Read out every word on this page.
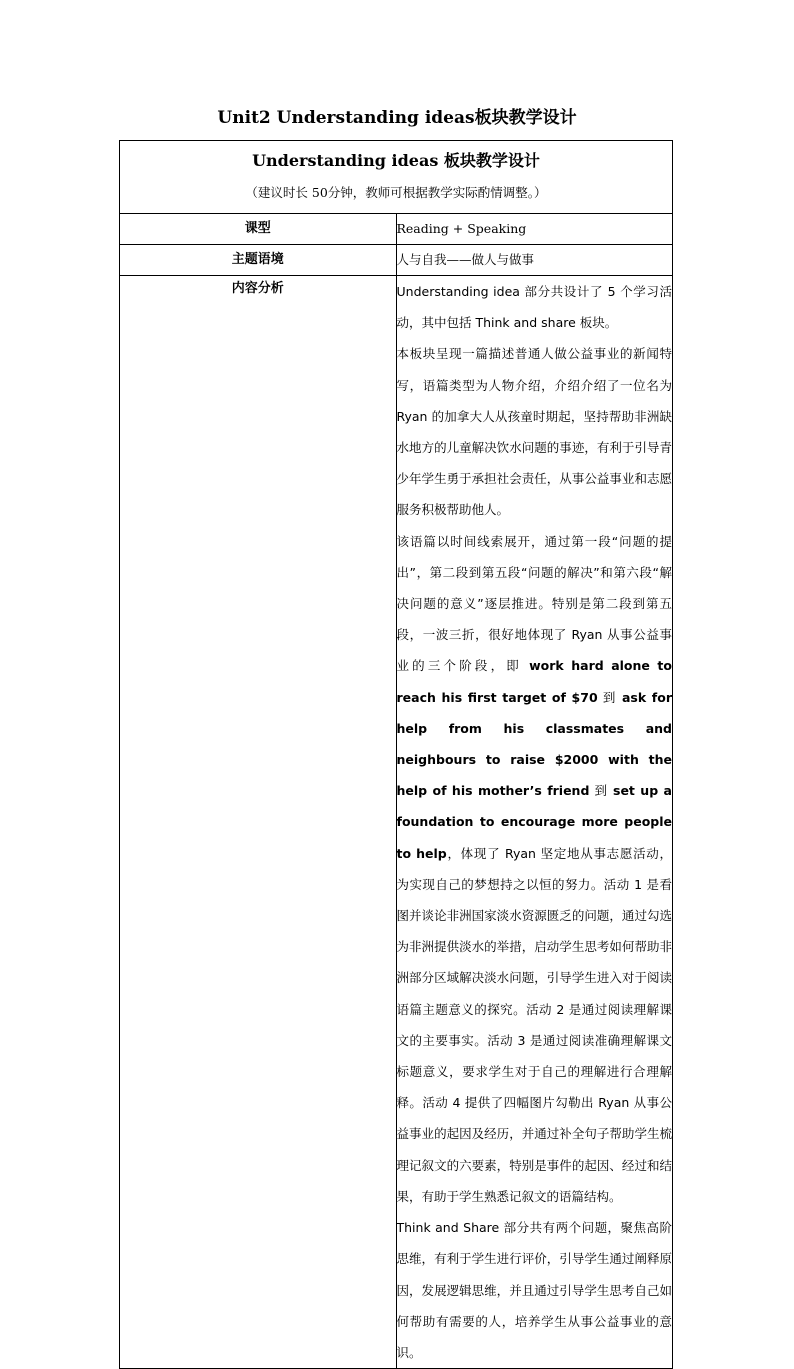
Unit2 Understanding ideas板块教学设计
Understanding ideas 板块教学设计
（建议时长 50分钟，教师可根据教学实际酌情调整。）	

课型	Reading + Speaking
主题语境	人与自我——做人与做事
内容分析	Understanding idea 部分共设计了 5 个学习活动，其中包括 Think and share 板块。

本板块呈现一篇描述普通人做公益事业的新闻特写，语篇类型为人物介绍，介绍介绍了一位名为 Ryan 的加拿大人从孩童时期起，坚持帮助非洲缺水地方的儿童解决饮水问题的事迹，有利于引导青少年学生勇于承担社会责任，从事公益事业和志愿服务积极帮助他人。

该语篇以时间线索展开，通过第一段“问题的提出”，第二段到第五段“问题的解决”和第六段“解决问题的意义”逐层推进。特别是第二段到第五段，一波三折，很好地体现了 Ryan 从事公益事业的三个阶段，即 work hard alone to reach his first target of $70 到 ask for help from his classmates and neighbours to raise $2000 with the help of his mother’s friend 到 set up a foundation to encourage more people to help，体现了 Ryan 坚定地从事志愿活动，为实现自己的梦想持之以恒的努力。活动 1 是看图并谈论非洲国家淡水资源匮乏的问题，通过勾选为非洲提供淡水的举措，启动学生思考如何帮助非洲部分区域解决淡水问题，引导学生进入对于阅读语篇主题意义的探究。活动 2 是通过阅读理解课文的主要事实。活动 3 是通过阅读准确理解课文标题意义，要求学生对于自己的理解进行合理解释。活动 4 提供了四幅图片勾勒出 Ryan 从事公益事业的起因及经历，并通过补全句子帮助学生梳理记叙文的六要素，特别是事件的起因、经过和结果，有助于学生熟悉记叙文的语篇结构。

Think and Share 部分共有两个问题，聚焦高阶思维，有利于学生进行评价，引导学生通过阐释原因，发展逻辑思维，并且通过引导学生思考自己如何帮助有需要的人，培养学生从事公益事业的意识。
